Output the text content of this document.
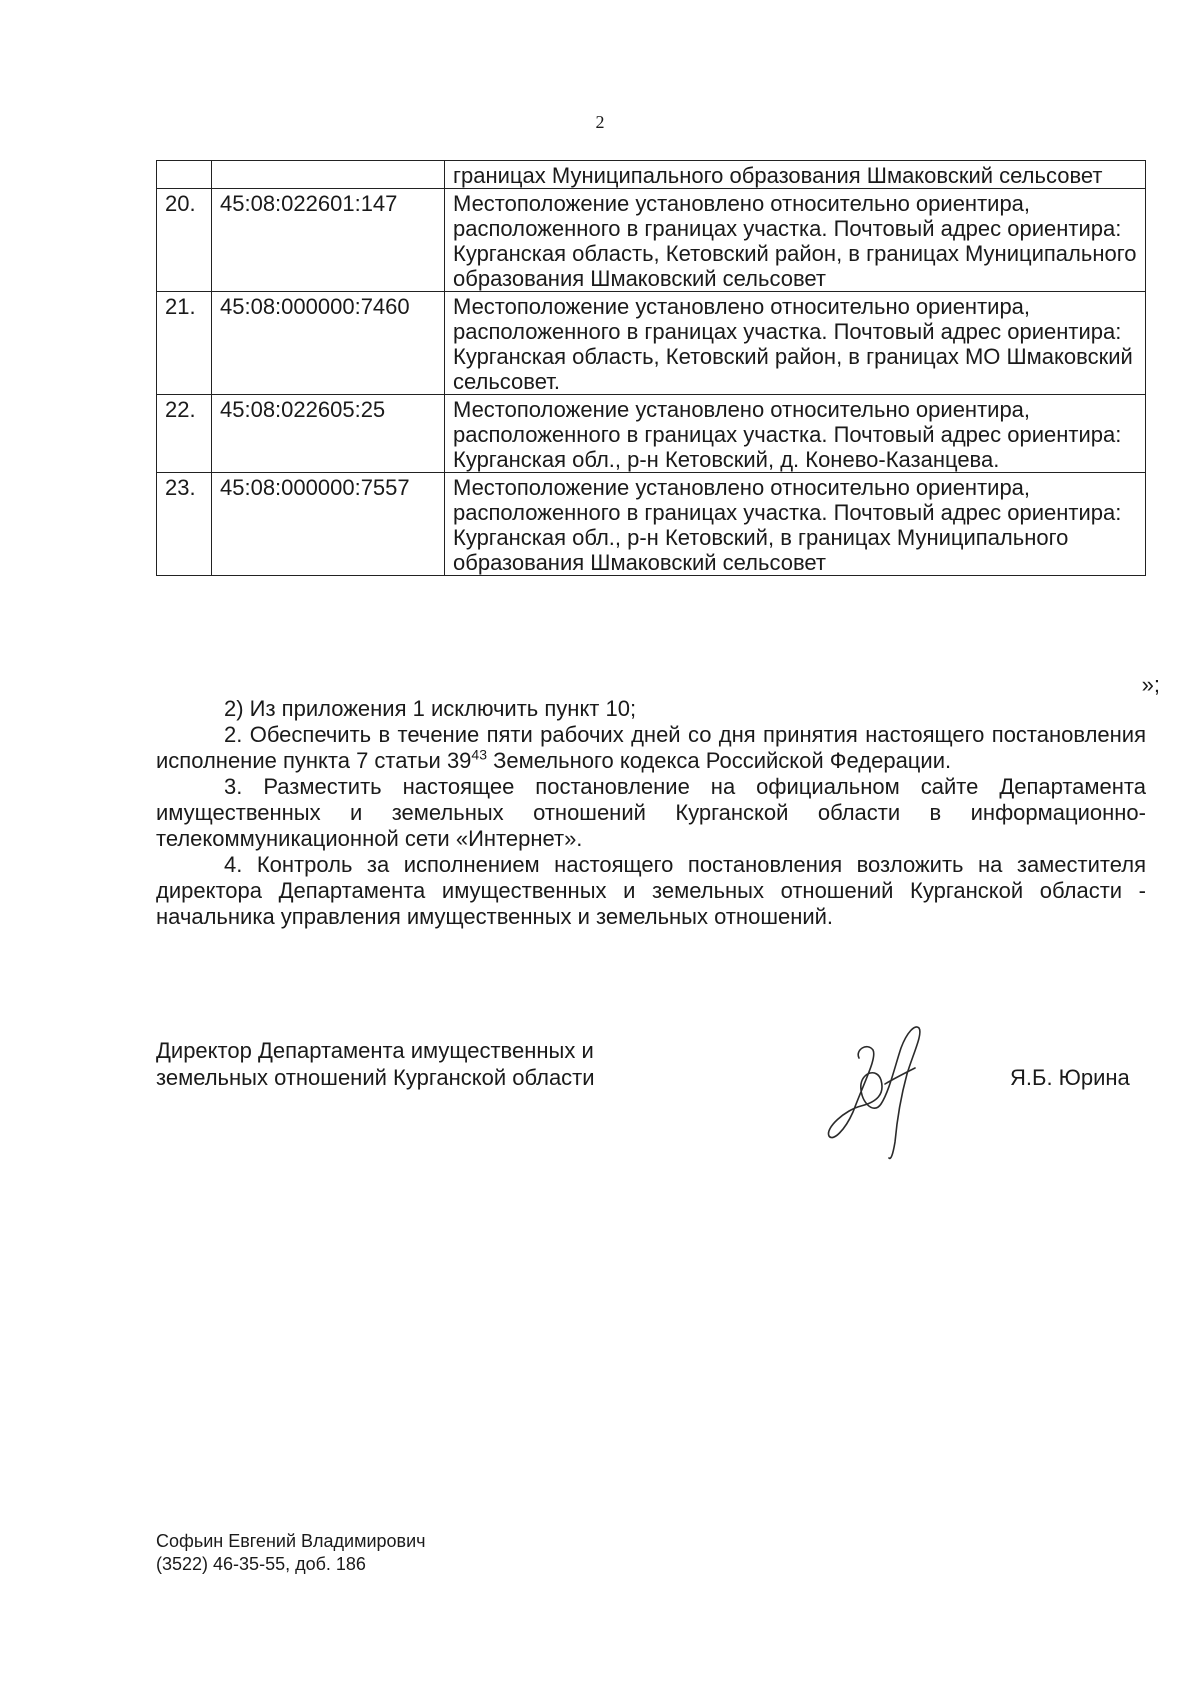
2
		границах Муниципального образования Шмаковский сельсовет
20.	45:08:022601:147	Местоположение установлено относительно ориентира, расположенного в границах участка. Почтовый адрес ориентира: Курганская область, Кетовский район, в границах Муниципального образования Шмаковский сельсовет
21.	45:08:000000:7460	Местоположение установлено относительно ориентира, расположенного в границах участка. Почтовый адрес ориентира: Курганская область, Кетовский район, в границах МО Шмаковский сельсовет.
22.	45:08:022605:25	Местоположение установлено относительно ориентира, расположенного в границах участка. Почтовый адрес ориентира: Курганская обл., р-н Кетовский, д. Конево-Казанцева.
23.	45:08:000000:7557	Местоположение установлено относительно ориентира, расположенного в границах участка. Почтовый адрес ориентира: Курганская обл., р-н Кетовский, в границах Муниципального образования Шмаковский сельсовет
»;

2) Из приложения 1 исключить пункт 10;

2. Обеспечить в течение пяти рабочих дней со дня принятия настоящего постановления исполнение пункта 7 статьи $39^{43}$ Земельного кодекса Российской Федерации.

3. Разместить настоящее постановление на официальном сайте Департамента имущественных и земельных отношений Курганской области в информационно-телекоммуникационной сети «Интернет».

4. Контроль за исполнением настоящего постановления возложить на заместителя директора Департамента имущественных и земельных отношений Курганской области - начальника управления имущественных и земельных отношений.

Директор Департамента имущественных и
земельных отношений Курганской области	Я.Б. Юрина
Софьин Евгений Владимирович
(3522) 46-35-55, доб. 186
